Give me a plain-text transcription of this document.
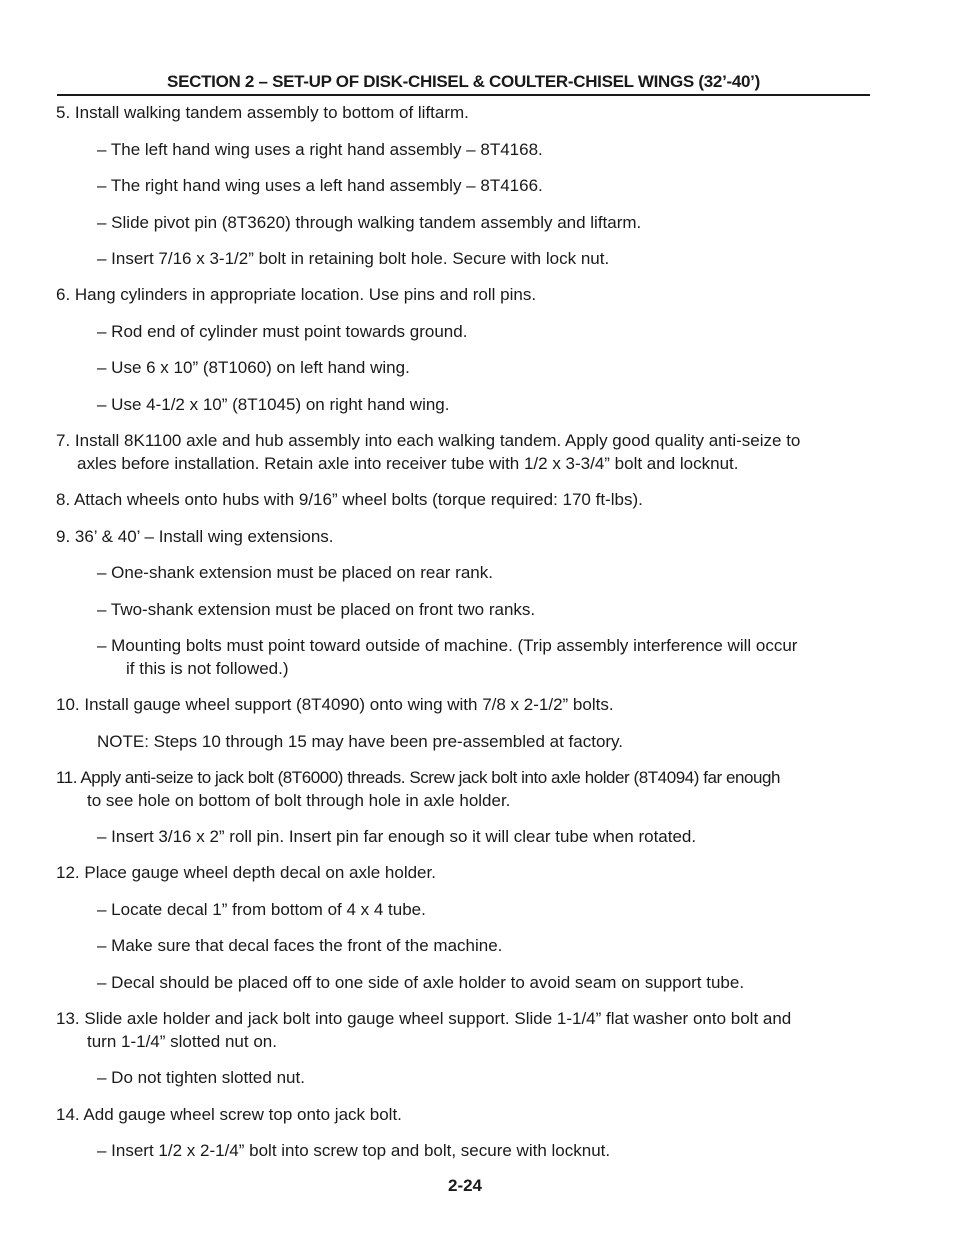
SECTION 2 – SET-UP OF DISK-CHISEL & COULTER-CHISEL WINGS (32’-40’)
5. Install walking tandem assembly to bottom of liftarm.
– The left hand wing uses a right hand assembly – 8T4168.
– The right hand wing uses a left hand assembly – 8T4166.
– Slide pivot pin (8T3620) through walking tandem assembly and liftarm.
– Insert 7/16 x 3-1/2” bolt in retaining bolt hole. Secure with lock nut.
6. Hang cylinders in appropriate location. Use pins and roll pins.
– Rod end of cylinder must point towards ground.
– Use 6 x 10” (8T1060) on left hand wing.
– Use 4-1/2 x 10” (8T1045) on right hand wing.
7. Install 8K1100 axle and hub assembly into each walking tandem. Apply good quality anti-seize to
axles before installation. Retain axle into receiver tube with 1/2 x 3-3/4” bolt and locknut.
8. Attach wheels onto hubs with 9/16” wheel bolts (torque required: 170 ft-lbs).
9. 36’ & 40’ – Install wing extensions.
– One-shank extension must be placed on rear rank.
– Two-shank extension must be placed on front two ranks.
– Mounting bolts must point toward outside of machine. (Trip assembly interference will occur
if this is not followed.)
10. Install gauge wheel support (8T4090) onto wing with 7/8 x 2-1/2” bolts.
NOTE: Steps 10 through 15 may have been pre-assembled at factory.
11. Apply anti-seize to jack bolt (8T6000) threads. Screw jack bolt into axle holder (8T4094) far enough
to see hole on bottom of bolt through hole in axle holder.
– Insert 3/16 x 2” roll pin. Insert pin far enough so it will clear tube when rotated.
12. Place gauge wheel depth decal on axle holder.
– Locate decal 1” from bottom of 4 x 4 tube.
– Make sure that decal faces the front of the machine.
– Decal should be placed off to one side of axle holder to avoid seam on support tube.
13. Slide axle holder and jack bolt into gauge wheel support. Slide 1-1/4” flat washer onto bolt and
turn 1-1/4” slotted nut on.
– Do not tighten slotted nut.
14. Add gauge wheel screw top onto jack bolt.
– Insert 1/2 x 2-1/4” bolt into screw top and bolt, secure with locknut.
2-24
